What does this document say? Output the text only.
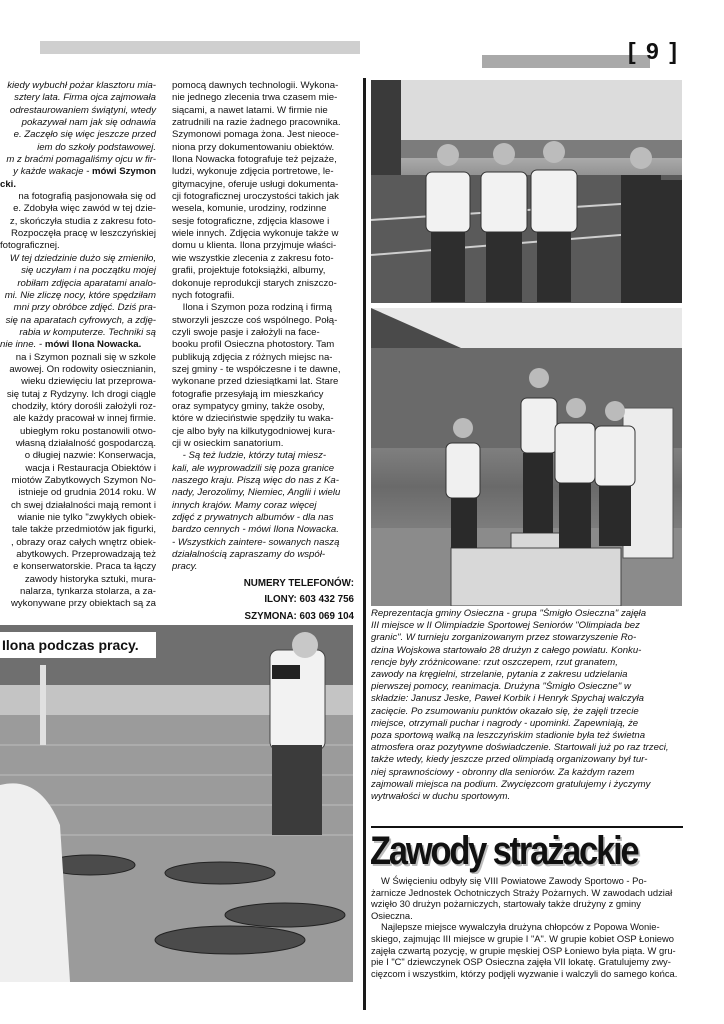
[ 9 ]

kiedy wybuchł pożar klasztoru mia-
sztery lata. Firma ojca zajmowała
odrestaurowaniem świątyni, wtedy
pokazywał nam jak się odnawia
e. Zaczęło się więc jeszcze przed
iem do szkoły podstawowej.
m z braćmi pomagaliśmy ojcu w fir-
y każde wakacje - mówi Szymon
cki.

na fotografią pasjonowała się od
e. Zdobyła więc zawód w tej dzie-
z, skończyła studia z zakresu foto-
Rozpoczęła pracę w leszczyńskiej
fotograficznej.

W tej dziedzinie dużo się zmieniło,
się uczyłam i na początku mojej
robiłam zdjęcia aparatami analo-
mi. Nie zliczę nocy, które spędziłam
mni przy obróbce zdjęć. Dziś pra-
się na aparatach cyfrowych, a zdję-
rabia w komputerze. Techniki są
nie inne. - mówi Ilona Nowacka.

na i Szymon poznali się w szkole
awowej. On rodowity osiecznianin,
wieku dziewięciu lat przeprowa-
się tutaj z Rydzyny. Ich drogi ciągle
chodziły, który dorośli założyli roz-
ale każdy pracował w innej firmie.
ubiegłym roku postanowili otwo-
własną działalność gospodarczą.
o długiej nazwie: Konserwacja,
wacja i Restauracja Obiektów i
miotów Zabytkowych Szymon No-
istnieje od grudnia 2014 roku. W
ch swej działalności mają remont i
wianie nie tylko "zwykłych obiek-
tale także przedmiotów jak figurki,
, obrazy oraz całych wnętrz obiek-
abytkowych. Przeprowadzają też
e konserwatorskie. Praca ta łączy
zawody historyka sztuki, mura-
nalarza, tynkarza stolarza, a za-
wykonywane przy obiektach są za

pomocą dawnych technologii. Wykona-
nie jednego zlecenia trwa czasem mie-
siącami, a nawet latami. W firmie nie
zatrudnili na razie żadnego pracownika.
Szymonowi pomaga żona. Jest nieoce-
niona przy dokumentowaniu obiektów.
Ilona Nowacka fotografuje też pejzaże,
ludzi, wykonuje zdjęcia portretowe, le-
gitymacyjne, oferuje usługi dokumenta-
cji fotograficznej uroczystości takich jak
wesela, komunie, urodziny, rodzinne
sesje fotograficzne, zdjęcia klasowe i
wiele innych. Zdjęcia wykonuje także w
domu u klienta. Ilona przyjmuje właści-
wie wszystkie zlecenia z zakresu foto-
grafii, projektuje fotoksiążki, albumy,
dokonuje reprodukcji starych zniszczo-
nych fotografii.

Ilona i Szymon poza rodziną i firmą
stworzyli jeszcze coś wspólnego. Połą-
czyli swoje pasje i założyli na face-
booku profil Osieczna photostory. Tam
publikują zdjęcia z różnych miejsc na-
szej gminy - te współczesne i te dawne,
wykonane przed dziesiątkami lat. Stare
fotografie przesyłają im mieszkańcy
oraz sympatycy gminy, także osoby,
które w dzieciństwie spędziły tu waka-
cje albo były na kilkutygodniowej kura-
cji w osieckim sanatorium.

- Są też ludzie, którzy tutaj miesz-
kali, ale wyprowadzili się poza granice
naszego kraju. Piszą więc do nas z Ka-
nady, Jerozolimy, Niemiec, Anglii i wielu
innych krajów. Mamy coraz więcej
zdjęć z prywatnych albumów - dla nas
bardzo cennych - mówi Ilona Nowacka.
- Wszystkich zaintere- sowanych naszą
działalnością zapraszamy do współ-
pracy.

NUMERY TELEFONÓW:
ILONY: 603 432 756
SZYMONA: 603 069 104 Reprezentacja gminy Osieczna - grupa "Śmigło Osieczna" zajęła
III miejsce w II Olimpiadzie Sportowej Seniorów "Olimpiada bez
granic". W turnieju zorganizowanym przez stowarzyszenie Ro-
dzina Wojskowa startowało 28 drużyn z całego powiatu. Konku-
rencje były zróżnicowane: rzut oszczepem, rzut granatem,
zawody na kręgielni, strzelanie, pytania z zakresu udzielania
pierwszej pomocy, reanimacja. Drużyna "Śmigło Osieczne" w
składzie: Janusz Jeske, Paweł Korbik i Henryk Spychaj walczyła
zacięcie. Po zsumowaniu punktów okazało się, że zajęli trzecie
miejsce, otrzymali puchar i nagrody - upominki. Zapewniają, że
poza sportową walką na leszczyńskim stadionie była też świetna
atmosfera oraz pozytywne doświadczenie. Startowali już po raz trzeci,
także wtedy, kiedy jeszcze przed olimpiadą organizowany był tur-
niej sprawnościowy - obronny dla seniorów. Za każdym razem
zajmowali miejsca na podium. Zwycięzcom gratulujemy i życzymy
wytrwałości w duchu sportowym.
Ilona podczas pracy.
Zawody strażackie
W Święcieniu odbyły się VIII Powiatowe Zawody Sportowo - Po-
żarnicze Jednostek Ochotniczych Straży Pożarnych. W zawodach udział
wzięło 30 drużyn pożarniczych, startowały także drużyny z gminy
Osieczna.
Najlepsze miejsce wywalczyła drużyna chłopców z Popowa Wonie-
skiego, zajmując III miejsce w grupie I "A". W grupie kobiet OSP Łoniewo
zajęła czwartą pozycję, w grupie męskiej OSP Łoniewo była piąta. W gru-
pie I "C" dziewczynek OSP Osieczna zajęła VII lokatę. Gratulujemy zwy-
cięzcom i wszystkim, którzy podjęli wyzwanie i walczyli do samego końca.
